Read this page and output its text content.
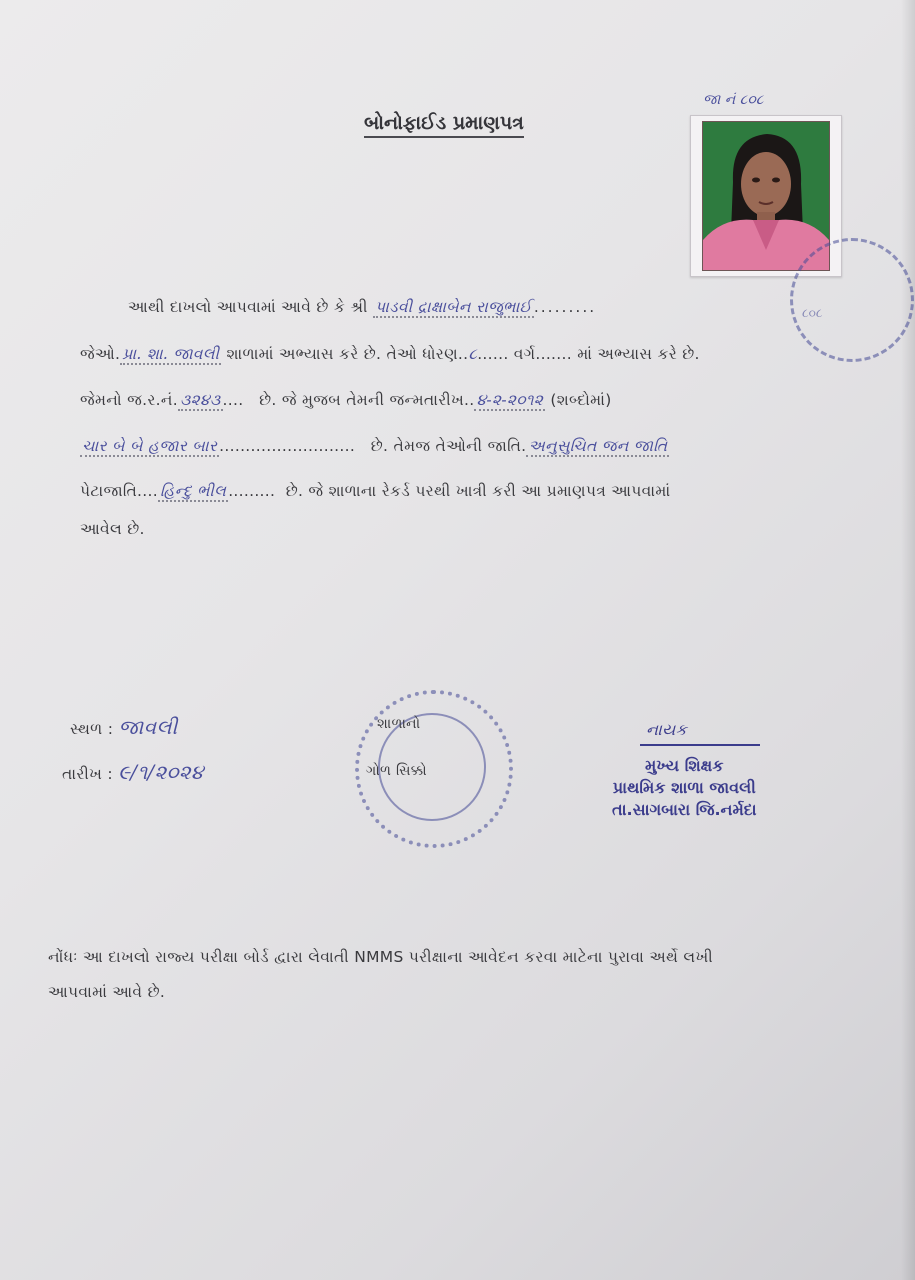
જા નં ૮૦૮
બોનોફાઈડ પ્રમાણપત્ર
૮૦૮
આથી દાખલો આપવામાં આવે છે કે શ્રી પાડવી દ્રાક્ષાબેન રાજુભાઈ .........
જેઓ. પ્રા. શા. જાવલી શાળામાં અભ્યાસ કરે છે. તેઓ ધોરણ..૮...... વર્ગ....... માં અભ્યાસ કરે છે.
જેમનો જ.ર.નં. ૩૨૪૩ ....   છે. જે મુજબ તેમની જન્મતારીખ.. ૪-૨-૨૦૧૨ (શબ્દોમાં)
ચાર બે બે હજાર બાર ..........................   છે. તેમજ તેઓની જાતિ. અનુસુચિત જન જાતિ
પેટાજાતિ.... હિન્દુ ભીલ .........  છે. જે શાળાના રેકર્ડ પરથી ખાત્રી કરી આ પ્રમાણપત્ર આપવામાં
આવેલ છે.
સ્થળ : જાવલી
તારીખ : ૯/૧/૨૦૨૪
શાળાનો
ગોળ સિક્કો
નાયક
મુખ્ય શિક્ષક
પ્રાથમિક શાળા જાવલી
તા.સાગબારા જિ.નર્મદા
નોંધઃ આ દાખલો રાજ્ય પરીક્ષા બોર્ડ દ્વારા લેવાતી NMMS પરીક્ષાના આવેદન કરવા માટેના પુરાવા અર્થે લખી
આપવામાં આવે છે.
